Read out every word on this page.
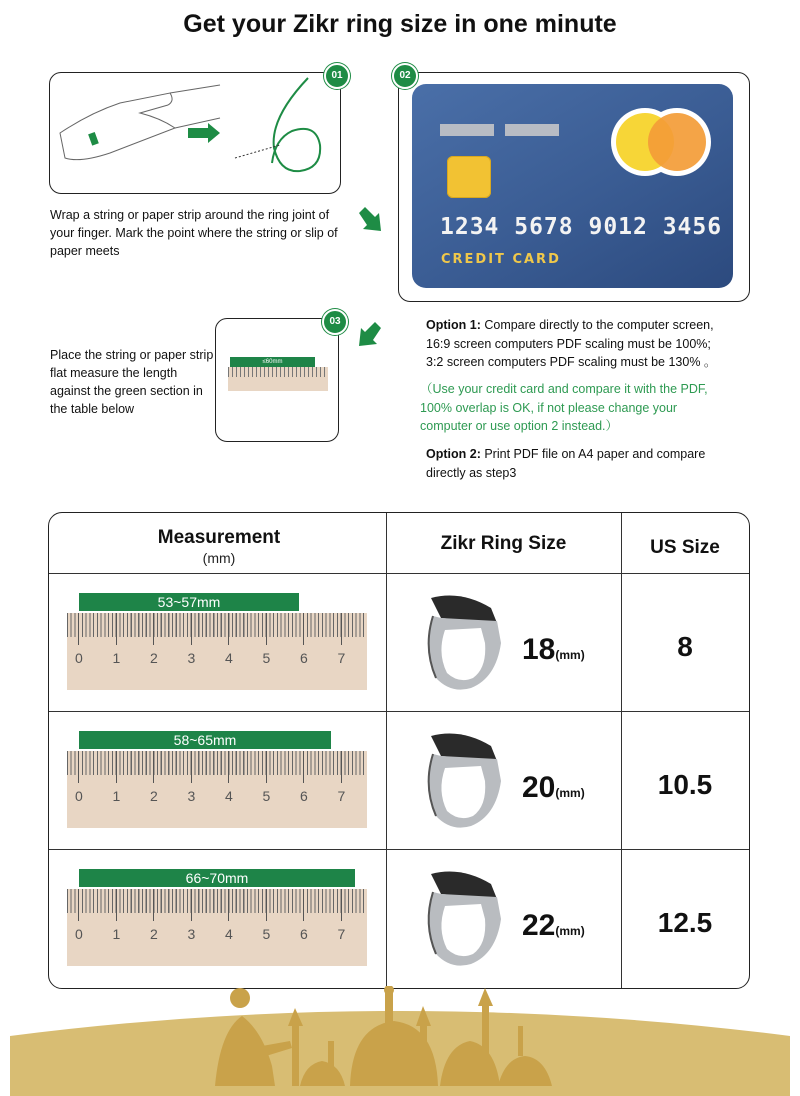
Get your Zikr ring size in one minute
01
Wrap a string or paper strip around the ring joint of your finger. Mark the point where the string or slip of paper meets
02
1234 5678 9012 3456
CREDIT CARD
Place the string or paper strip flat measure the length against the green section in the table below
≤60mm
03	Option 1: Compare directly to the computer screen, 16:9 screen computers PDF scaling must be 100%; 3:2 screen computers PDF scaling must be 130% 。
（Use your credit card and compare it with the PDF, 100% overlap is OK, if not please change your computer or use option 2 instead.）
Option 2: Print PDF file on A4 paper and compare directly as step3
Measurement
(mm)
Zikr Ring Size	US Size
0 1 2 3 4 5 6 7
53~57mm
18(mm)	8
0 1 2 3 4 5 6 7
58~65mm
20(mm)	10.5
0 1 2 3 4 5 6 7
66~70mm
22(mm)	12.5
